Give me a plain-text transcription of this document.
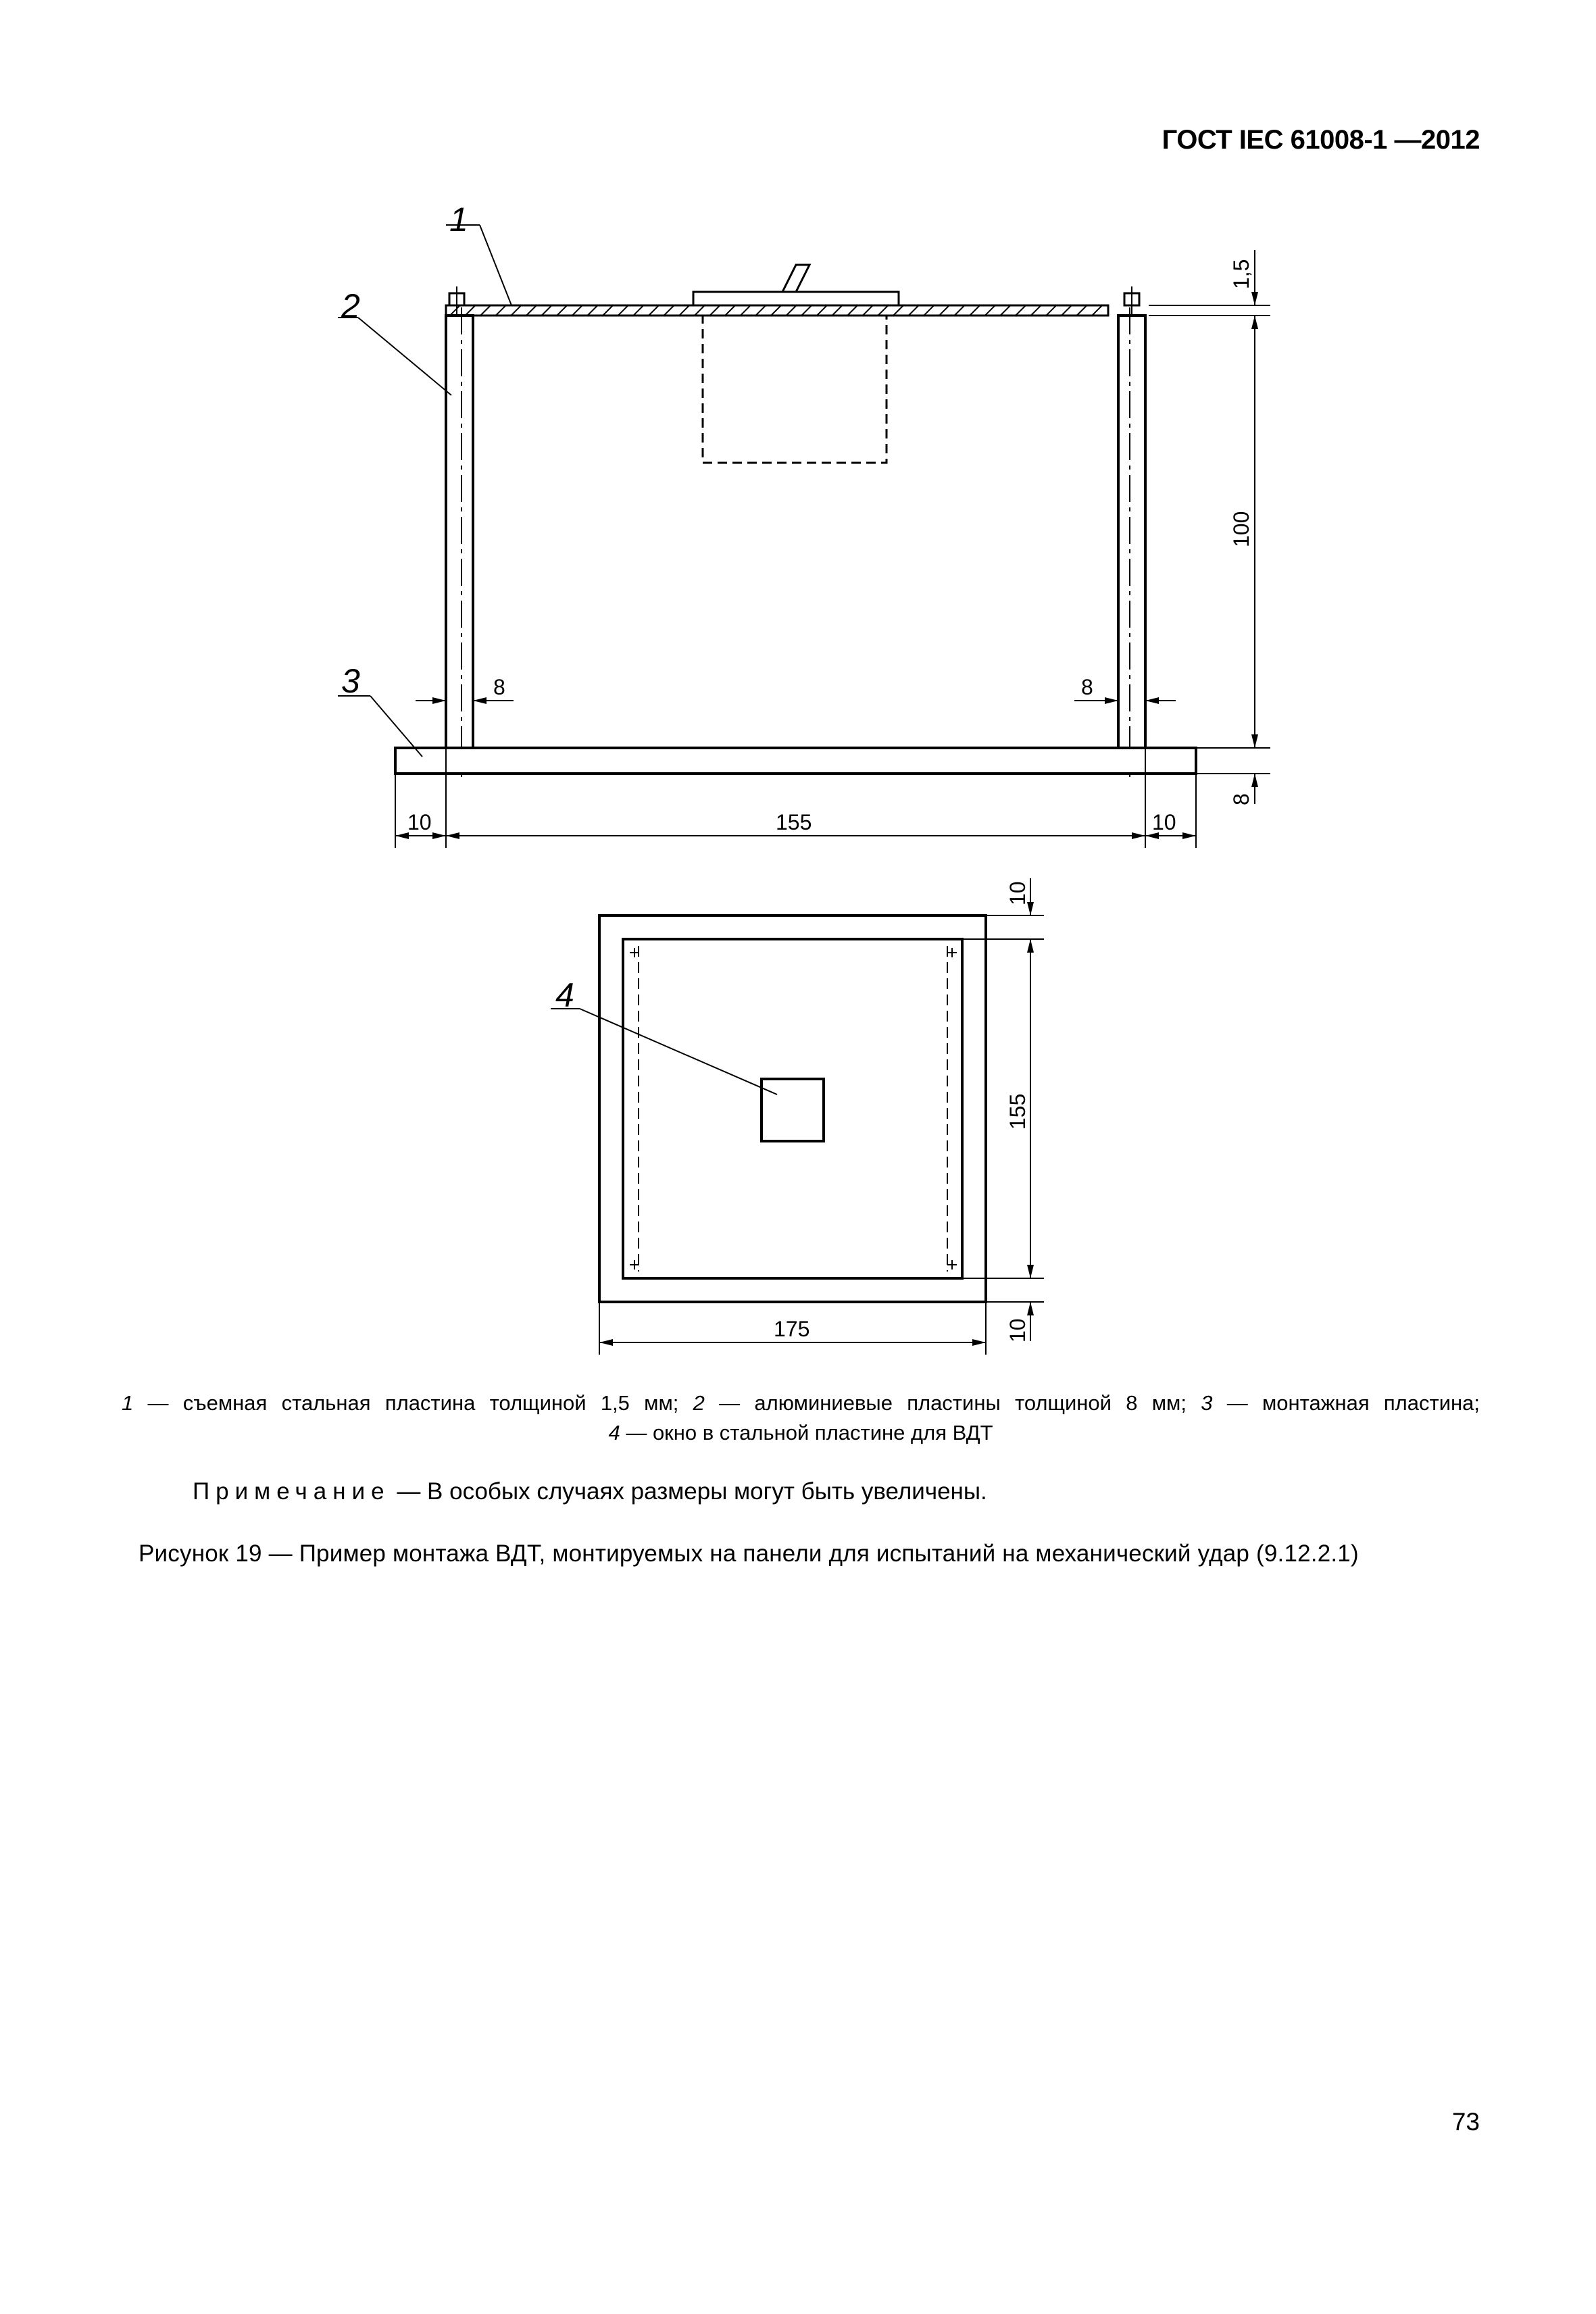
ГОСТ IEC 61008-1 —2012
1
2
3
1,5
100
8
8	8
10	155	10
4
10
155
10
175
1 — съемная стальная пластина толщиной 1,5 мм; 2 — алюминиевые пластины толщиной 8 мм; 3 — монтажная пластина;
4 — окно в стальной пластине для ВДТ
Примечание — В особых случаях размеры могут быть увеличены.
Рисунок 19 — Пример монтажа ВДТ, монтируемых на панели для испытаний на механический удар (9.12.2.1)
73
